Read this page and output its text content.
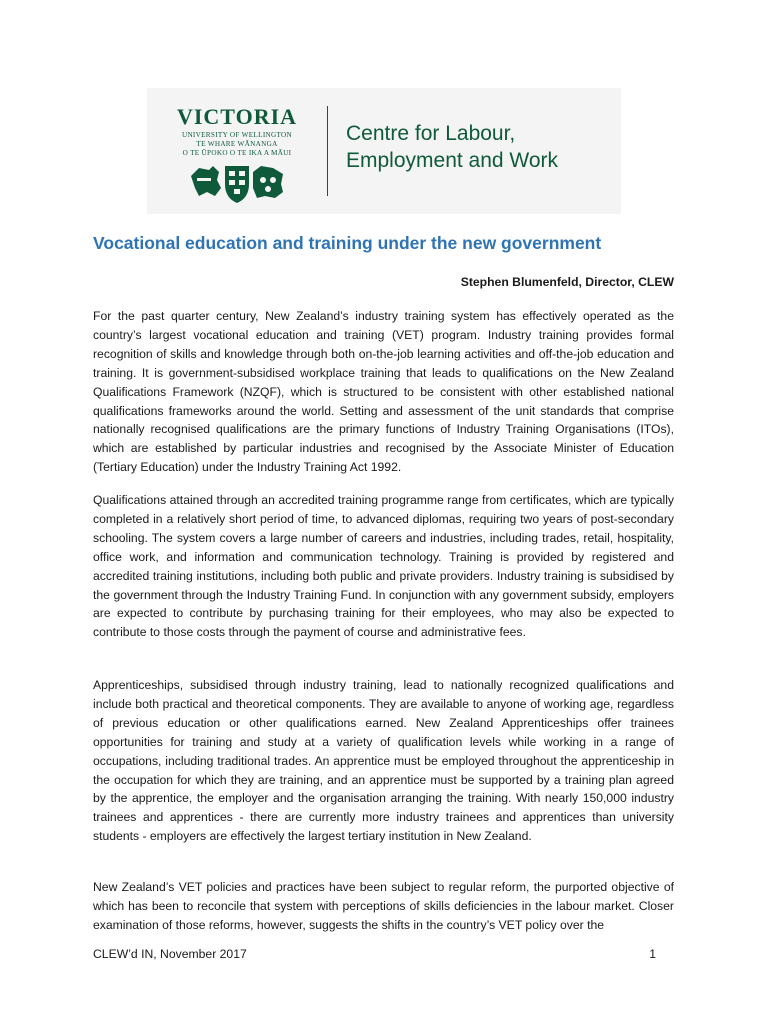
VICTORIA
UNIVERSITY OF WELLINGTON
TE WHARE WĀNANGA
O TE ŪPOKO O TE IKA A MĀUI
Centre for Labour,
Employment and Work
Vocational education and training under the new government
Stephen Blumenfeld, Director, CLEW

For the past quarter century, New Zealand’s industry training system has effectively operated as the country’s largest vocational education and training (VET) program. Industry training provides formal recognition of skills and knowledge through both on-the-job learning activities and off-the-job education and training. It is government-subsidised workplace training that leads to qualifications on the New Zealand Qualifications Framework (NZQF), which is structured to be consistent with other established national qualifications frameworks around the world. Setting and assessment of the unit standards that comprise nationally recognised qualifications are the primary functions of Industry Training Organisations (ITOs), which are established by particular industries and recognised by the Associate Minister of Education (Tertiary Education) under the Industry Training Act 1992.

Qualifications attained through an accredited training programme range from certificates, which are typically completed in a relatively short period of time, to advanced diplomas, requiring two years of post-secondary schooling. The system covers a large number of careers and industries, including trades, retail, hospitality, office work, and information and communication technology. Training is provided by registered and accredited training institutions, including both public and private providers. Industry training is subsidised by the government through the Industry Training Fund. In conjunction with any government subsidy, employers are expected to contribute by purchasing training for their employees, who may also be expected to contribute to those costs through the payment of course and administrative fees.

Apprenticeships, subsidised through industry training, lead to nationally recognized qualifications and include both practical and theoretical components. They are available to anyone of working age, regardless of previous education or other qualifications earned. New Zealand Apprenticeships offer trainees opportunities for training and study at a variety of qualification levels while working in a range of occupations, including traditional trades. An apprentice must be employed throughout the apprenticeship in the occupation for which they are training, and an apprentice must be supported by a training plan agreed by the apprentice, the employer and the organisation arranging the training. With nearly 150,000 industry trainees and apprentices - there are currently more industry trainees and apprentices than university students - employers are effectively the largest tertiary institution in New Zealand.

New Zealand’s VET policies and practices have been subject to regular reform, the purported objective of which has been to reconcile that system with perceptions of skills deficiencies in the labour market. Closer examination of those reforms, however, suggests the shifts in the country’s VET policy over the

CLEW’d IN, November 2017	1
